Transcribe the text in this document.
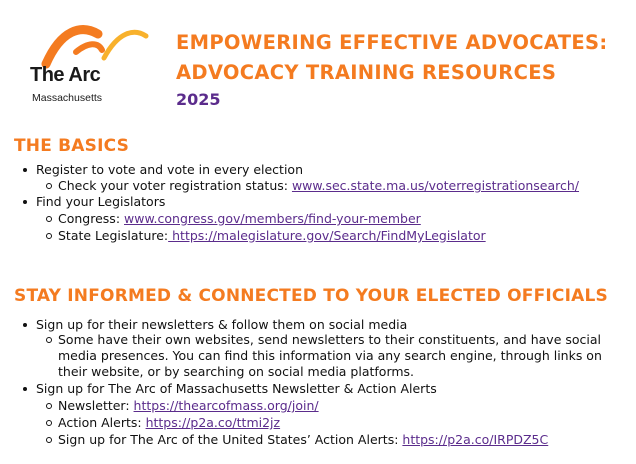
The Arc
Massachusetts
EMPOWERING EFFECTIVE ADVOCATES:
ADVOCACY TRAINING RESOURCES
2025
THE BASICS
Register to vote and vote in every election
Check your voter registration status: www.sec.state.ma.us/voterregistrationsearch/
Find your Legislators
Congress: www.congress.gov/members/find-your-member
State Legislature: https://malegislature.gov/Search/FindMyLegislator
STAY INFORMED & CONNECTED TO YOUR ELECTED OFFICIALS
Sign up for their newsletters & follow them on social media
Some have their own websites, send newsletters to their constituents, and have social media presences. You can find this information via any search engine, through links on their website, or by searching on social media platforms.
Sign up for The Arc of Massachusetts Newsletter & Action Alerts
Newsletter: https://thearcofmass.org/join/
Action Alerts: https://p2a.co/ttmi2jz
Sign up for The Arc of the United States’ Action Alerts: https://p2a.co/IRPDZ5C
